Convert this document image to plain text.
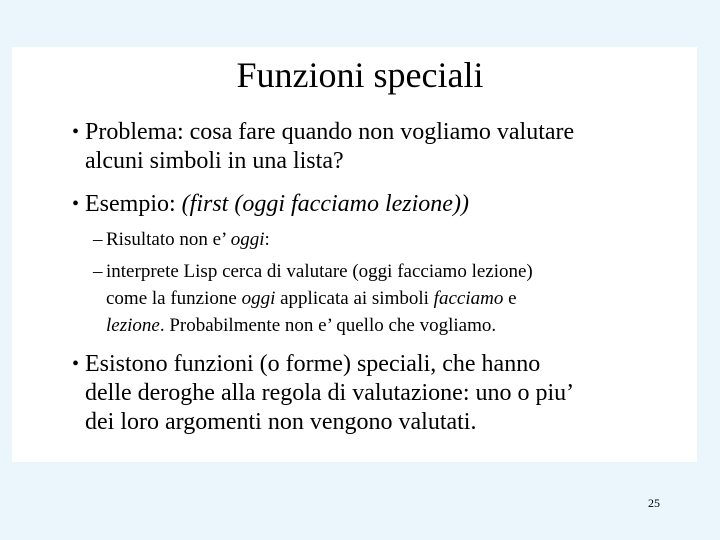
Funzioni speciali
• Problema: cosa fare quando non vogliamo valutare
alcuni simboli in una lista?
• Esempio: (first (oggi facciamo lezione))
– Risultato non e’ oggi:
– interprete Lisp cerca di valutare (oggi facciamo lezione)
come la funzione oggi applicata ai simboli facciamo e
lezione. Probabilmente non e’ quello che vogliamo.
• Esistono funzioni (o forme) speciali, che hanno
delle deroghe alla regola di valutazione: uno o piu’
dei loro argomenti non vengono valutati.
25
